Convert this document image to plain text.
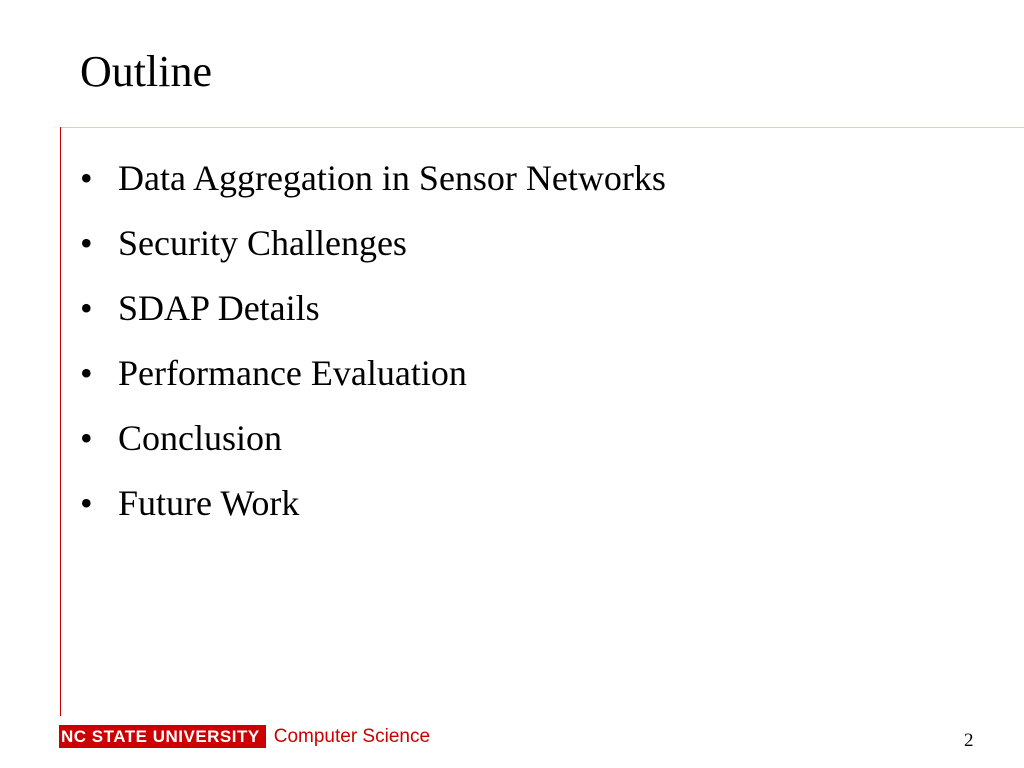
Outline
• Data Aggregation in Sensor Networks
• Security Challenges
• SDAP Details
• Performance Evaluation
• Conclusion
• Future Work
NC STATE UNIVERSITY Computer Science	2
